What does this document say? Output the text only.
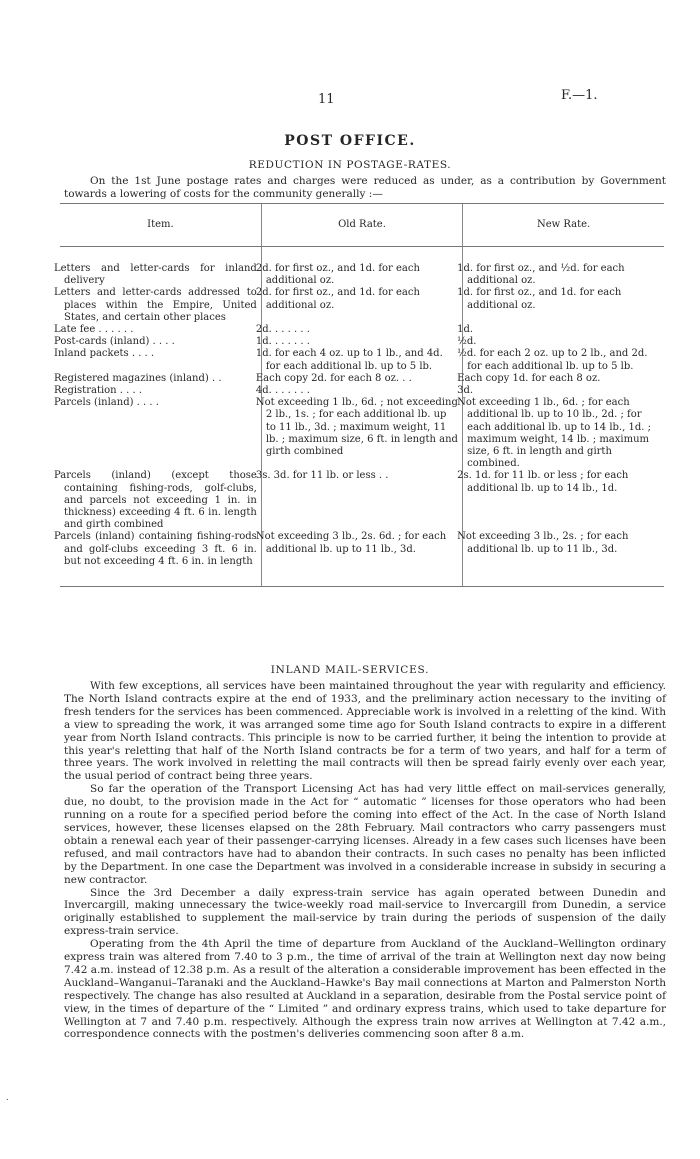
11	F.—1.
POST OFFICE.
REDUCTION IN POSTAGE-RATES.
On the 1st June postage rates and charges were reduced as under, as a contribution by Government towards a lowering of costs for the community generally :—
Item.	Old Rate.	New Rate.

Letters and letter-cards for inland delivery	2d. for first oz., and 1d. for each additional oz.	1d. for first oz., and ½d. for each additional oz.
Letters and letter-cards addressed to places within the Empire, United States, and certain other places	2d. for first oz., and 1d. for each additional oz.	1d. for first oz., and 1d. for each additional oz.
Late fee . . . . . .	2d. . . . . . .	1d.
Post-cards (inland) . . . .	1d. . . . . . .	½d.
Inland packets . . . .	1d. for each 4 oz. up to 1 lb., and 4d. for each additional lb. up to 5 lb.	½d. for each 2 oz. up to 2 lb., and 2d. for each additional lb. up to 5 lb.
Registered magazines (inland) . .	Each copy 2d. for each 8 oz. . .	Each copy 1d. for each 8 oz.
Registration . . . .	4d. . . . . . .	3d.
Parcels (inland) . . . .	Not exceeding 1 lb., 6d. ; not exceeding 2 lb., 1s. ; for each additional lb. up to 11 lb., 3d. ; maximum weight, 11 lb. ; maximum size, 6 ft. in length and girth combined	Not exceeding 1 lb., 6d. ; for each additional lb. up to 10 lb., 2d. ; for each additional lb. up to 14 lb., 1d. ; maximum weight, 14 lb. ; maximum size, 6 ft. in length and girth combined.
Parcels (inland) (except those containing fishing-rods, golf-clubs, and parcels not exceeding 1 in. in thickness) exceeding 4 ft. 6 in. length and girth combined	3s. 3d. for 11 lb. or less . .	2s. 1d. for 11 lb. or less ; for each additional lb. up to 14 lb., 1d.
Parcels (inland) containing fishing-rods and golf-clubs exceeding 3 ft. 6 in. but not exceeding 4 ft. 6 in. in length	Not exceeding 3 lb., 2s. 6d. ; for each additional lb. up to 11 lb., 3d.	Not exceeding 3 lb., 2s. ; for each additional lb. up to 11 lb., 3d.
INLAND MAIL-SERVICES.

With few exceptions, all services have been maintained throughout the year with regularity and efficiency. The North Island contracts expire at the end of 1933, and the preliminary action necessary to the inviting of fresh tenders for the services has been commenced. Appreciable work is involved in a reletting of the kind. With a view to spreading the work, it was arranged some time ago for South Island contracts to expire in a different year from North Island contracts. This principle is now to be carried further, it being the intention to provide at this year's reletting that half of the North Island contracts be for a term of two years, and half for a term of three years. The work involved in reletting the mail contracts will then be spread fairly evenly over each year, the usual period of contract being three years.

So far the operation of the Transport Licensing Act has had very little effect on mail-services generally, due, no doubt, to the provision made in the Act for “ automatic ” licenses for those operators who had been running on a route for a specified period before the coming into effect of the Act. In the case of North Island services, however, these licenses elapsed on the 28th February. Mail contractors who carry passengers must obtain a renewal each year of their passenger-carrying licenses. Already in a few cases such licenses have been refused, and mail contractors have had to abandon their contracts. In such cases no penalty has been inflicted by the Department. In one case the Department was involved in a considerable increase in subsidy in securing a new contractor.

Since the 3rd December a daily express-train service has again operated between Dunedin and Invercargill, making unnecessary the twice-weekly road mail-service to Invercargill from Dunedin, a service originally established to supplement the mail-service by train during the periods of suspension of the daily express-train service.

Operating from the 4th April the time of departure from Auckland of the Auckland–Wellington ordinary express train was altered from 7.40 to 3 p.m., the time of arrival of the train at Wellington next day now being 7.42 a.m. instead of 12.38 p.m. As a result of the alteration a considerable improvement has been effected in the Auckland–Wanganui–Taranaki and the Auckland–Hawke's Bay mail connections at Marton and Palmerston North respectively. The change has also resulted at Auckland in a separation, desirable from the Postal service point of view, in the times of departure of the “ Limited ” and ordinary express trains, which used to take departure for Wellington at 7 and 7.40 p.m. respectively. Although the express train now arrives at Wellington at 7.42 a.m., correspondence connects with the postmen's deliveries commencing soon after 8 a.m.

.
